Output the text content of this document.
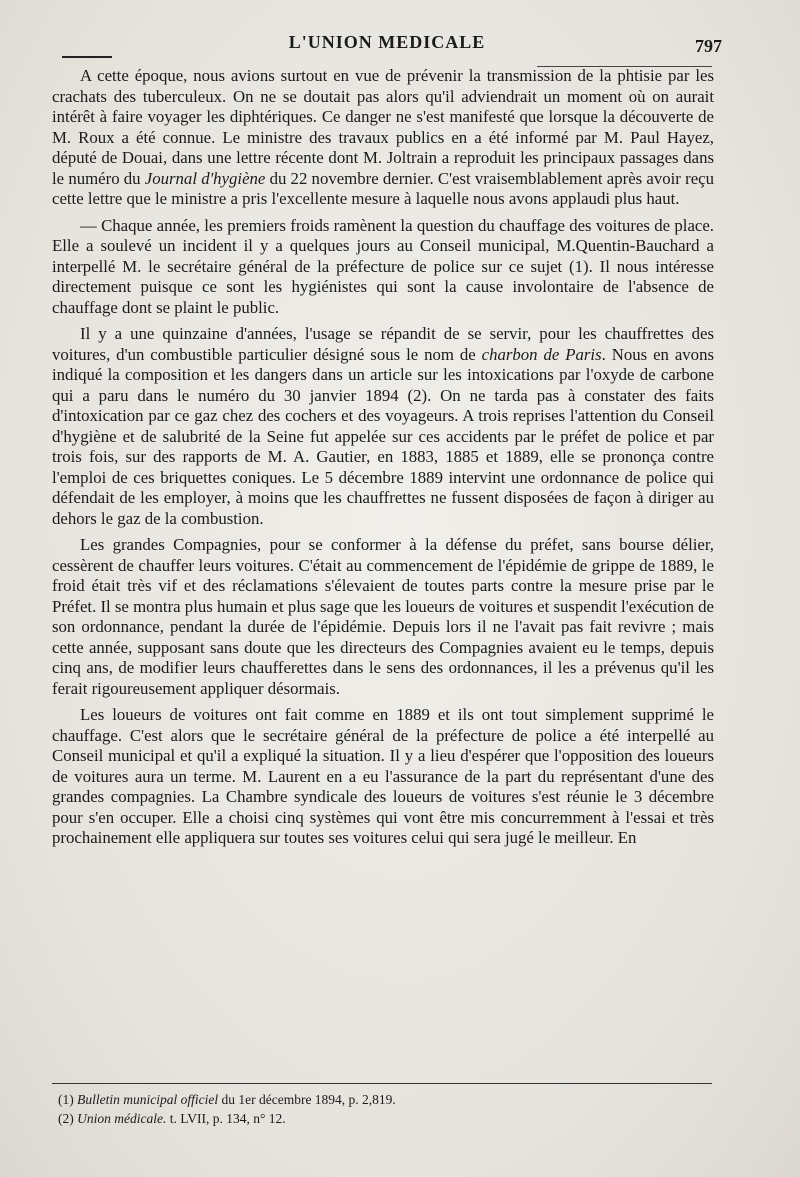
L'UNION MEDICALE	797

A cette époque, nous avions surtout en vue de prévenir la transmission de la phtisie par les crachats des tuberculeux. On ne se doutait pas alors qu'il adviendrait un moment où on aurait intérêt à faire voyager les diphtériques. Ce danger ne s'est manifesté que lorsque la découverte de M. Roux a été connue. Le ministre des travaux publics en a été informé par M. Paul Hayez, député de Douai, dans une lettre récente dont M. Joltrain a reproduit les principaux passages dans le numéro du Journal d'hygiène du 22 novembre dernier. C'est vraisemblablement après avoir reçu cette lettre que le ministre a pris l'excellente mesure à laquelle nous avons applaudi plus haut.

— Chaque année, les premiers froids ramènent la question du chauffage des voitures de place. Elle a soulevé un incident il y a quelques jours au Conseil municipal, M.Quentin-Bauchard a interpellé M. le secrétaire général de la préfecture de police sur ce sujet (1). Il nous intéresse directement puisque ce sont les hygiénistes qui sont la cause involontaire de l'absence de chauffage dont se plaint le public.

Il y a une quinzaine d'années, l'usage se répandit de se servir, pour les chauffrettes des voitures, d'un combustible particulier désigné sous le nom de charbon de Paris. Nous en avons indiqué la composition et les dangers dans un article sur les intoxications par l'oxyde de carbone qui a paru dans le numéro du 30 janvier 1894 (2). On ne tarda pas à constater des faits d'intoxication par ce gaz chez des cochers et des voyageurs. A trois reprises l'attention du Conseil d'hygiène et de salubrité de la Seine fut appelée sur ces accidents par le préfet de police et par trois fois, sur des rapports de M. A. Gautier, en 1883, 1885 et 1889, elle se prononça contre l'emploi de ces briquettes coniques. Le 5 décembre 1889 intervint une ordonnance de police qui défendait de les employer, à moins que les chauffrettes ne fussent disposées de façon à diriger au dehors le gaz de la combustion.

Les grandes Compagnies, pour se conformer à la défense du préfet, sans bourse délier, cessèrent de chauffer leurs voitures. C'était au commencement de l'épidémie de grippe de 1889, le froid était très vif et des réclamations s'élevaient de toutes parts contre la mesure prise par le Préfet. Il se montra plus humain et plus sage que les loueurs de voitures et suspendit l'exécution de son ordonnance, pendant la durée de l'épidémie. Depuis lors il ne l'avait pas fait revivre ; mais cette année, supposant sans doute que les directeurs des Compagnies avaient eu le temps, depuis cinq ans, de modifier leurs chaufferettes dans le sens des ordonnances, il les a prévenus qu'il les ferait rigoureusement appliquer désormais.

Les loueurs de voitures ont fait comme en 1889 et ils ont tout simplement supprimé le chauffage. C'est alors que le secrétaire général de la préfecture de police a été interpellé au Conseil municipal et qu'il a expliqué la situation. Il y a lieu d'espérer que l'opposition des loueurs de voitures aura un terme. M. Laurent en a eu l'assurance de la part du représentant d'une des grandes compagnies. La Chambre syndicale des loueurs de voitures s'est réunie le 3 décembre pour s'en occuper. Elle a choisi cinq systèmes qui vont être mis concurremment à l'essai et très prochainement elle appliquera sur toutes ses voitures celui qui sera jugé le meilleur. En

(1) Bulletin municipal officiel du 1er décembre 1894, p. 2,819.
(2) Union médicale. t. LVII, p. 134, n° 12.
